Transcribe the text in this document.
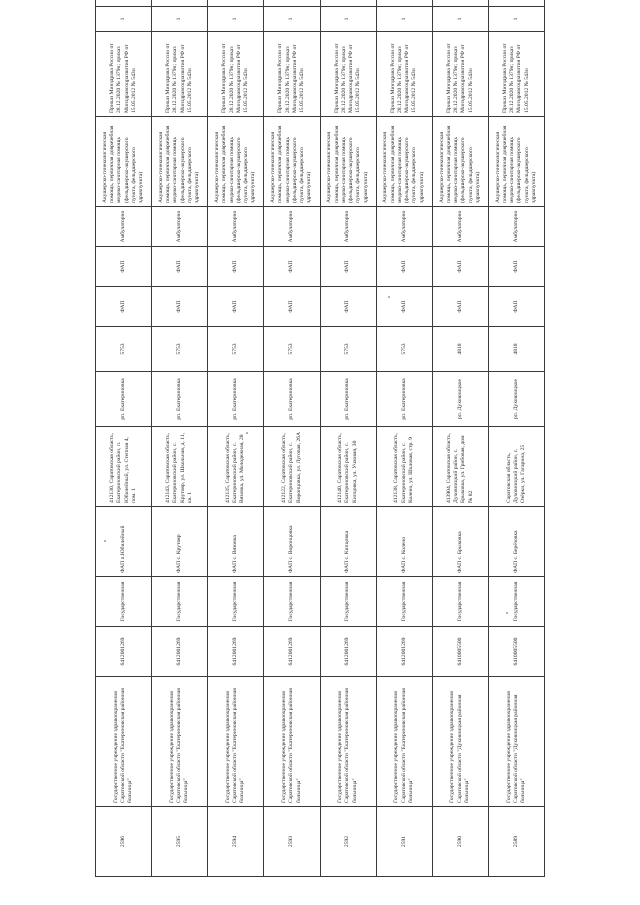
2596	Государственное учреждение здравоохранения Саратовской области "Екатериновская районная больница"	6412001269	Государственная	ФАП п.Юбилейный	412130, Саратовская область, Екатериновский район, п. Юбилейный, ул. Степная 4, пом. 1	рп. Екатериновка	5753	ФАП	ФАП	Амбулаторно	Акушерско-гинекологическая помощь, первичная доврачебная медико-санитарная помощь (фельдшерско-акушерского пункта, фельдшерского здравпункта)	Приказ Минздрава России от 28.12.2020 № 1379н; приказ Минздравсоцразвития РФ от 15.05.2012 № 543н	1	
2595	Государственное учреждение здравоохранения Саратовской области "Екатериновская районная больница"	6412001269	Государственная	ФАП с. Крутояр	412143, Саратовская область, Екатериновский район, с. Крутояр, ул. Школьная, д. 11, кв. 1	рп. Екатериновка	5753	ФАП	ФАП	Амбулаторно	Акушерско-гинекологическая помощь, первичная доврачебная медико-санитарная помощь (фельдшерско-акушерского пункта, фельдшерского здравпункта)	Приказ Минздрава России от 28.12.2020 № 1379н; приказ Минздравсоцразвития РФ от 15.05.2012 № 543н	1	
2594	Государственное учреждение здравоохранения Саратовской области "Екатериновская районная больница"	6412001269	Государственная	ФАП с. Вязовка	412135, Саратовская область, Екатериновский район, с. Вязовка, ул. Молодежная, 28	рп. Екатериновка	5753	ФАП	ФАП	Амбулаторно	Акушерско-гинекологическая помощь, первичная доврачебная медико-санитарная помощь (фельдшерско-акушерского пункта, фельдшерского здравпункта)	Приказ Минздрава России от 28.12.2020 № 1379н; приказ Минздравсоцразвития РФ от 15.05.2012 № 543н	1	
2593	Государственное учреждение здравоохранения Саратовской области "Екатериновская районная больница"	6412001269	Государственная	ФАП с. Воронцовка	412122, Саратовская область, Екатериновский район, с. Воронцовка, ул. Луговая, 26А	рп. Екатериновка	5753	ФАП	ФАП	Амбулаторно	Акушерско-гинекологическая помощь, первичная доврачебная медико-санитарная помощь (фельдшерско-акушерского пункта, фельдшерского здравпункта)	Приказ Минздрава России от 28.12.2020 № 1379н; приказ Минздравсоцразвития РФ от 15.05.2012 № 543н	1	
2592	Государственное учреждение здравоохранения Саратовской области "Екатериновская районная больница"	6412001269	Государственная	ФАП с. Кипцовка	412140, Саратовская область, Екатериновский район, с. Кипцовка, ул. Учховая, 30	рп. Екатериновка	5753	ФАП	ФАП	Амбулаторно	Акушерско-гинекологическая помощь, первичная доврачебная медико-санитарная помощь (фельдшерско-акушерского пункта, фельдшерского здравпункта)	Приказ Минздрава России от 28.12.2020 № 1379н; приказ Минздравсоцразвития РФ от 15.05.2012 № 543н	1	
2591	Государственное учреждение здравоохранения Саратовской области "Екатериновская районная больница"	6412001269	Государственная	ФАП с. Колено	412138, Саратовская область, Екатериновский район, с. Колено, ул. Шкловая, стр. 9	рп. Екатериновка	5753	ФАП	ФАП	Амбулаторно	Акушерско-гинекологическая помощь, первичная доврачебная медико-санитарная помощь (фельдшерско-акушерского пункта, фельдшерского здравпункта)	Приказ Минздрава России от 28.12.2020 № 1379н; приказ Минздравсоцразвития РФ от 15.05.2012 № 543н	1	
2590	Государственное учреждение здравоохранения Саратовской области "Духовницкая районная больница"	6410005500	Государственная	ФАП с. Брыковка	413904, Саратовская область, Духовницкий район, с. Брыковка, ул. Грибовая, дом № 82	рп. Духовницкое	4818	ФАП	ФАП	Амбулаторно	Акушерско-гинекологическая помощь, первичная доврачебная медико-санитарная помощь (фельдшерско-акушерского пункта, фельдшерского здравпункта)	Приказ Минздрава России от 28.12.2020 № 1379н; приказ Минздравсоцразвития РФ от 15.05.2012 № 543н	1	
2589	Государственное учреждение здравоохранения Саратовской области "Духовницкая районная больница"	6410005500	Государственная	ФАП с. Берёзовка	Саратовская область, Духовницкий район, с. Озёрки, ул. Гагарина, 25	рп. Духовницкое	4818	ФАП	ФАП	Амбулаторно	Акушерско-гинекологическая помощь, первичная доврачебная медико-санитарная помощь (фельдшерско-акушерского пункта, фельдшерского здравпункта)	Приказ Минздрава России от 28.12.2020 № 1379н; приказ Минздравсоцразвития РФ от 15.05.2012 № 543н	1	
